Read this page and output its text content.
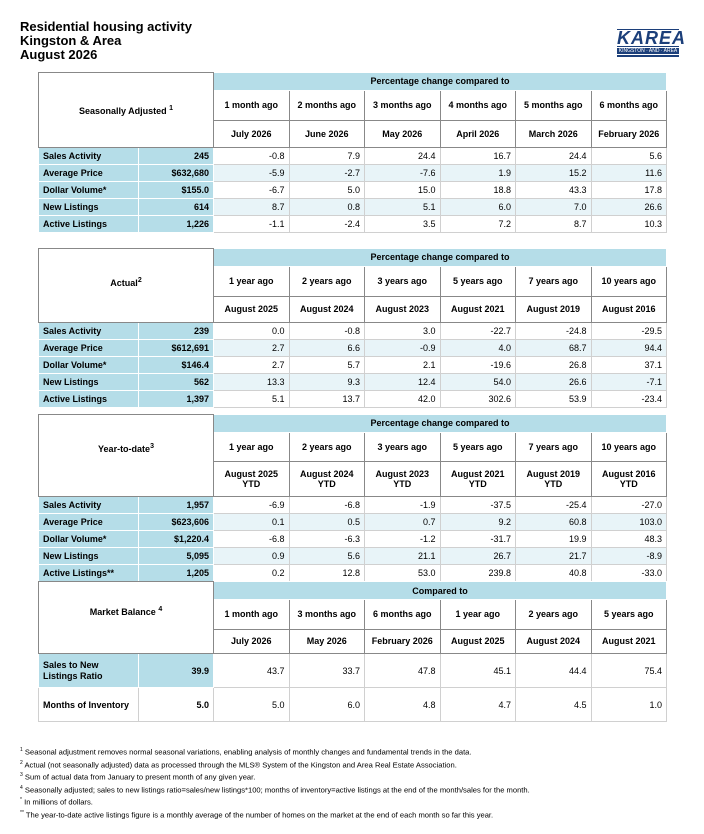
Residential housing activity
Kingston & Area
August 2026
KAREA
KINGSTON · AND · AREA
Seasonally Adjusted $^1$		Percentage change compared to					
		1 month ago	2 months ago	3 months ago	4 months ago	5 months ago	6 months ago
		July 2026	June 2026	May 2026	April 2026	March 2026	February 2026
Sales Activity	245	-0.8	7.9	24.4	16.7	24.4	5.6
Average Price	$632,680	-5.9	-2.7	-7.6	1.9	15.2	11.6
Dollar Volume*	$155.0	-6.7	5.0	15.0	18.8	43.3	17.8
New Listings	614	8.7	0.8	5.1	6.0	7.0	26.6
Active Listings	1,226	-1.1	-2.4	3.5	7.2	8.7	10.3
Actual$^2$		Percentage change compared to					
		1 year ago	2 years ago	3 years ago	5 years ago	7 years ago	10 years ago
		August 2025	August 2024	August 2023	August 2021	August 2019	August 2016
Sales Activity	239	0.0	-0.8	3.0	-22.7	-24.8	-29.5
Average Price	$612,691	2.7	6.6	-0.9	4.0	68.7	94.4
Dollar Volume*	$146.4	2.7	5.7	2.1	-19.6	26.8	37.1
New Listings	562	13.3	9.3	12.4	54.0	26.6	-7.1
Active Listings	1,397	5.1	13.7	42.0	302.6	53.9	-23.4
Year-to-date$^3$		Percentage change compared to					
		1 year ago	2 years ago	3 years ago	5 years ago	7 years ago	10 years ago
		August 2025 YTD	August 2024 YTD	August 2023 YTD	August 2021 YTD	August 2019 YTD	August 2016 YTD
Sales Activity	1,957	-6.9	-6.8	-1.9	-37.5	-25.4	-27.0
Average Price	$623,606	0.1	0.5	0.7	9.2	60.8	103.0
Dollar Volume*	$1,220.4	-6.8	-6.3	-1.2	-31.7	19.9	48.3
New Listings	5,095	0.9	5.6	21.1	26.7	21.7	-8.9
Active Listings**	1,205	0.2	12.8	53.0	239.8	40.8	-33.0
Market Balance $^4$		Compared to					
		1 month ago	3 months ago	6 months ago	1 year ago	2 years ago	5 years ago
		July 2026	May 2026	February 2026	August 2025	August 2024	August 2021
Sales to New Listings Ratio	39.9	43.7	33.7	47.8	45.1	44.4	75.4
Months of Inventory	5.0	5.0	6.0	4.8	4.7	4.5	1.0
$^1$ Seasonal adjustment removes normal seasonal variations, enabling analysis of monthly changes and fundamental trends in the data.
$^2$ Actual (not seasonally adjusted) data as processed through the MLS® System of the Kingston and Area Real Estate Association.
$^3$ Sum of actual data from January to present month of any given year.
$^4$ Seasonally adjusted; sales to new listings ratio=sales/new listings*100; months of inventory=active listings at the end of the month/sales for the month.
* In millions of dollars.
** The year-to-date active listings figure is a monthly average of the number of homes on the market at the end of each month so far this year.
